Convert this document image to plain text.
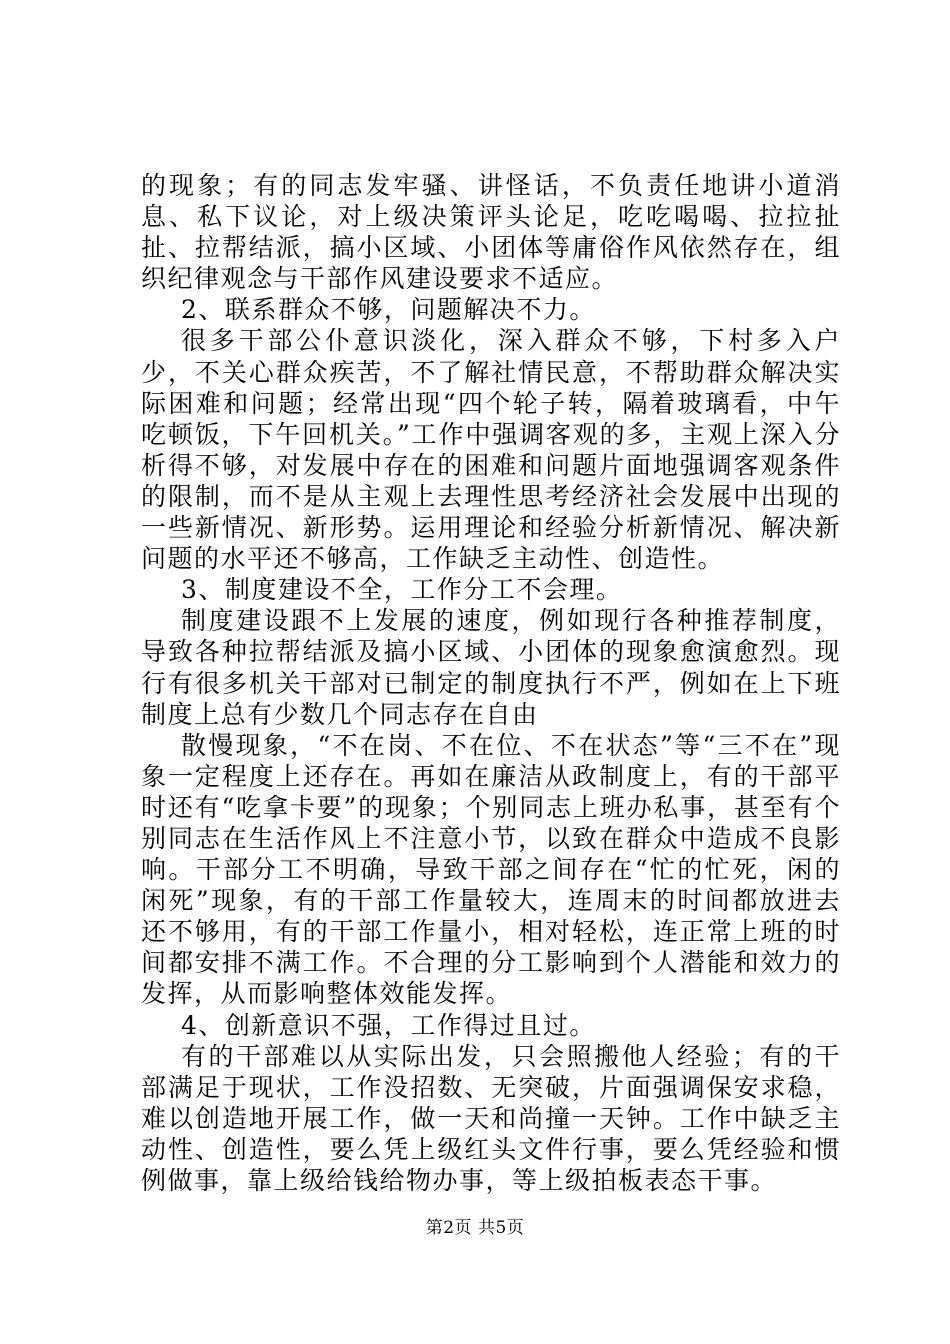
的现象；有的同志发牢骚、讲怪话，不负责任地讲小道消息、私下议论，对上级决策评头论足，吃吃喝喝、拉拉扯扯、拉帮结派，搞小区域、小团体等庸俗作风依然存在，组织纪律观念与干部作风建设要求不适应。

2、联系群众不够，问题解决不力。

很多干部公仆意识淡化，深入群众不够，下村多入户少，不关心群众疾苦，不了解社情民意，不帮助群众解决实际困难和问题；经常出现“四个轮子转，隔着玻璃看，中午吃顿饭，下午回机关。”工作中强调客观的多，主观上深入分析得不够，对发展中存在的困难和问题片面地强调客观条件的限制，而不是从主观上去理性思考经济社会发展中出现的一些新情况、新形势。运用理论和经验分析新情况、解决新问题的水平还不够高，工作缺乏主动性、创造性。

3、制度建设不全，工作分工不会理。

制度建设跟不上发展的速度，例如现行各种推荐制度，导致各种拉帮结派及搞小区域、小团体的现象愈演愈烈。现行有很多机关干部对已制定的制度执行不严，例如在上下班制度上总有少数几个同志存在自由

散慢现象，“不在岗、不在位、不在状态”等“三不在”现象一定程度上还存在。再如在廉洁从政制度上，有的干部平时还有“吃拿卡要”的现象；个别同志上班办私事，甚至有个别同志在生活作风上不注意小节，以致在群众中造成不良影响。干部分工不明确，导致干部之间存在“忙的忙死，闲的闲死”现象，有的干部工作量较大，连周末的时间都放进去还不够用，有的干部工作量小，相对轻松，连正常上班的时间都安排不满工作。不合理的分工影响到个人潜能和效力的发挥，从而影响整体效能发挥。

4、创新意识不强，工作得过且过。

有的干部难以从实际出发，只会照搬他人经验；有的干部满足于现状，工作没招数、无突破，片面强调保安求稳，难以创造地开展工作，做一天和尚撞一天钟。工作中缺乏主动性、创造性，要么凭上级红头文件行事，要么凭经验和惯例做事，靠上级给钱给物办事，等上级拍板表态干事。

第2页 共5页
